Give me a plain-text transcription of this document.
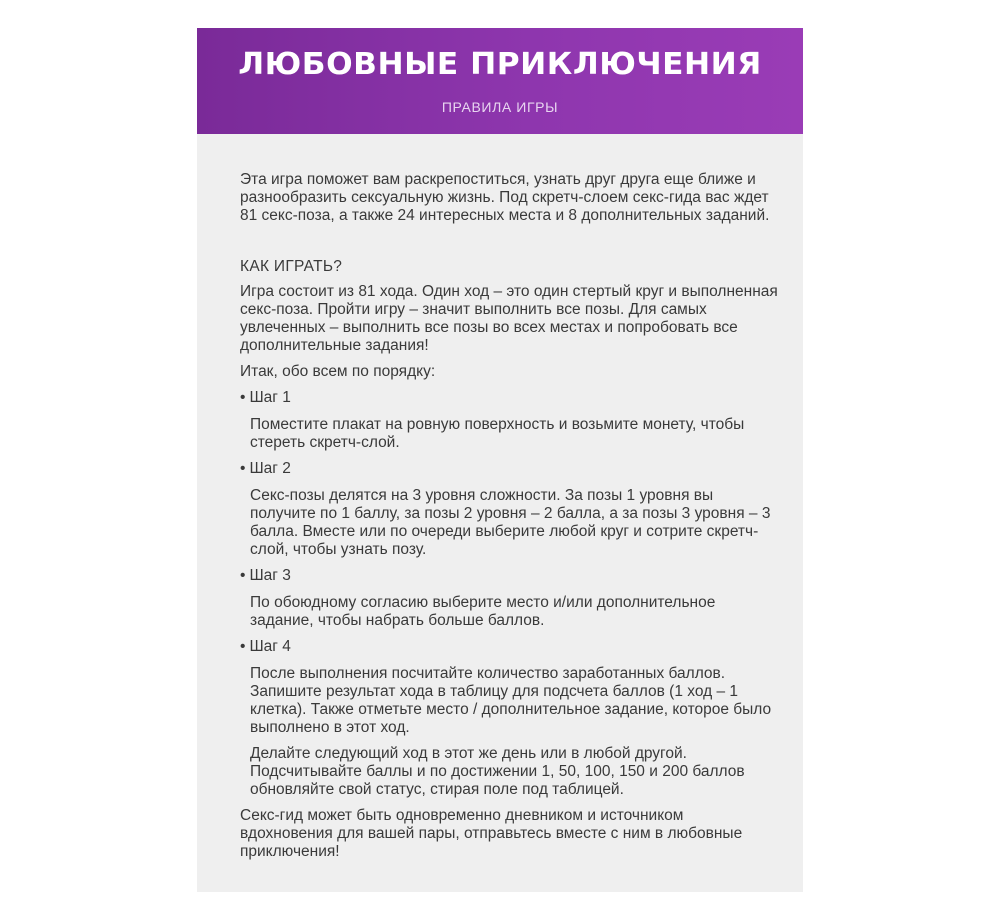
ЛЮБОВНЫЕ ПРИКЛЮЧЕНИЯ
ПРАВИЛА ИГРЫ

Эта игра поможет вам раскрепоститься, узнать друг друга еще ближе и разнообразить сексуальную жизнь. Под скретч-слоем секс-гида вас ждет 81 секс-поза, а также 24 интересных места и 8 дополнительных заданий.

КАК ИГРАТЬ?

Игра состоит из 81 хода. Один ход – это один стертый круг и выполненная секс-поза. Пройти игру – значит выполнить все позы. Для самых увлеченных – выполнить все позы во всех местах и попробовать все дополнительные задания!

Итак, обо всем по порядку:

• Шаг 1

Поместите плакат на ровную поверхность и возьмите монету, чтобы стереть скретч-слой.

• Шаг 2

Секс-позы делятся на 3 уровня сложности. За позы 1 уровня вы получите по 1 баллу, за позы 2 уровня – 2 балла, а за позы 3 уровня – 3 балла. Вместе или по очереди выберите любой круг и сотрите скретч-слой, чтобы узнать позу.

• Шаг 3

По обоюдному согласию выберите место и/или дополнительное задание, чтобы набрать больше баллов.

• Шаг 4

После выполнения посчитайте количество заработанных баллов. Запишите результат хода в таблицу для подсчета баллов (1 ход – 1 клетка). Также отметьте место / дополнительное задание, которое было выполнено в этот ход.

Делайте следующий ход в этот же день или в любой другой. Подсчитывайте баллы и по достижении 1, 50, 100, 150 и 200 баллов обновляйте свой статус, стирая поле под таблицей.

Секс-гид может быть одновременно дневником и источником вдохновения для вашей пары, отправьтесь вместе с ним в любовные приключения!
